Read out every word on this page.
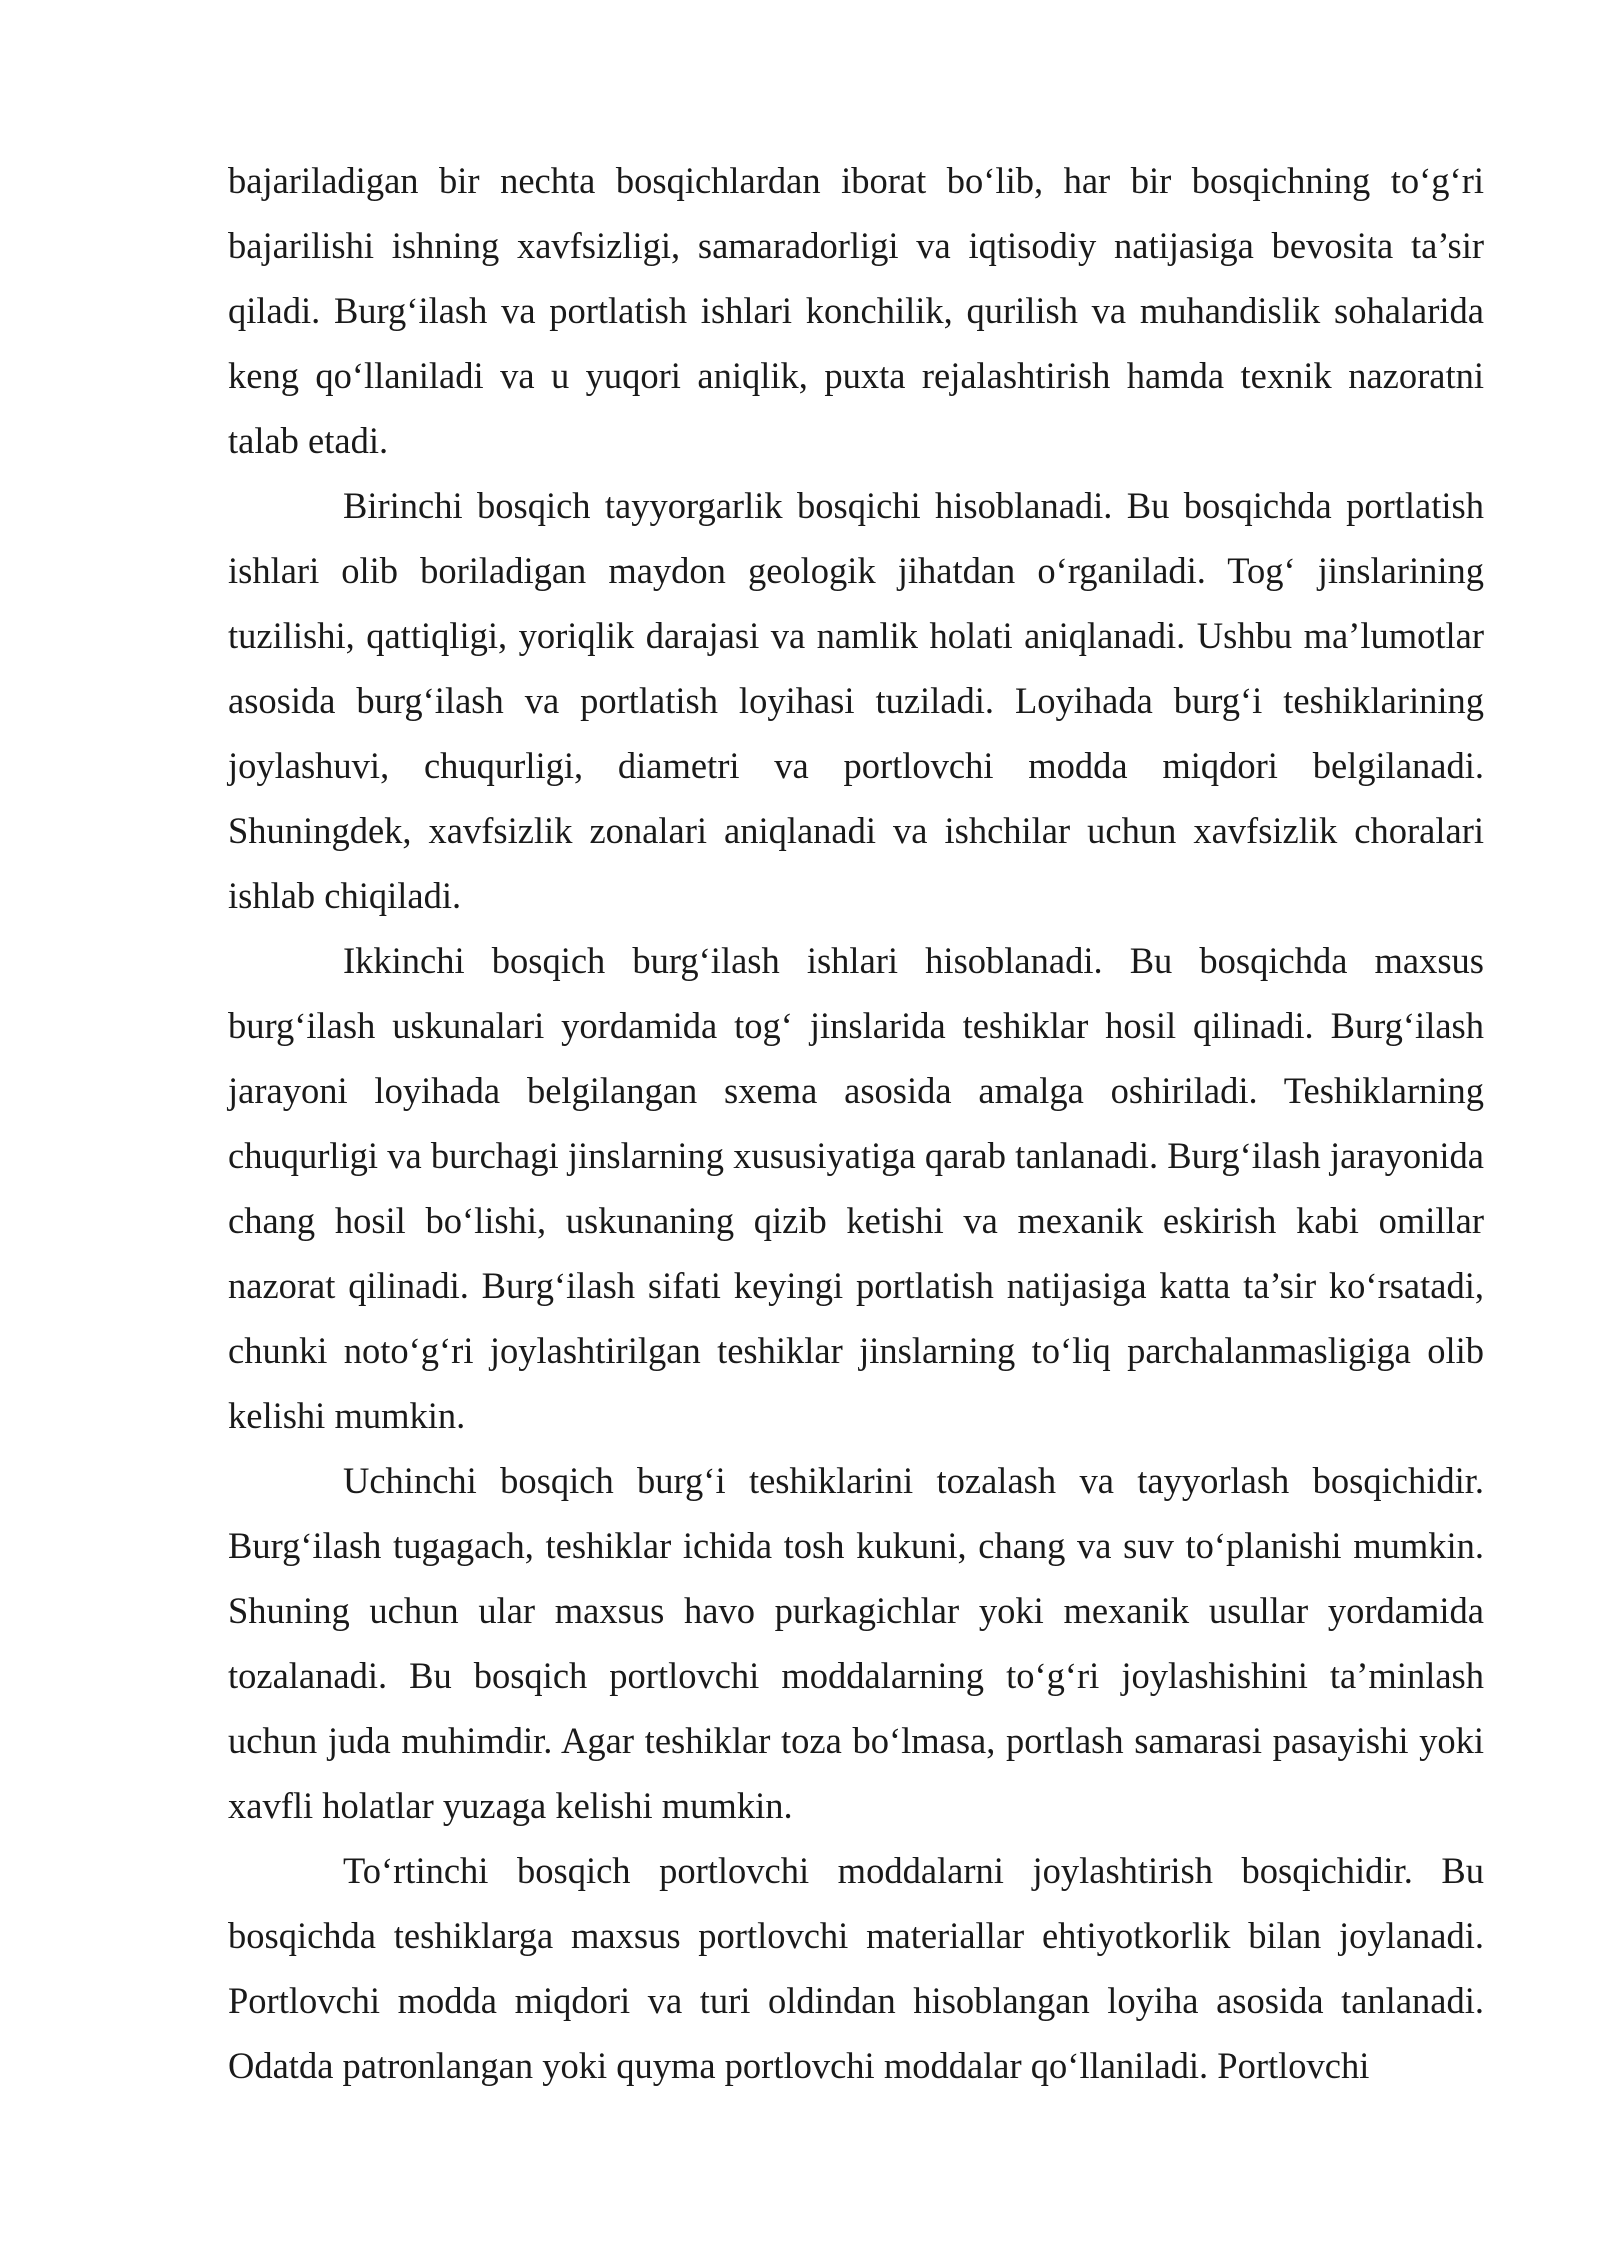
bajariladigan bir nechta bosqichlardan iborat bo‘lib, har bir bosqichning to‘g‘ri bajarilishi ishning xavfsizligi, samaradorligi va iqtisodiy natijasiga bevosita ta’sir qiladi. Burg‘ilash va portlatish ishlari konchilik, qurilish va muhandislik sohalarida keng qo‘llaniladi va u yuqori aniqlik, puxta rejalashtirish hamda texnik nazoratni talab etadi.

Birinchi bosqich tayyorgarlik bosqichi hisoblanadi. Bu bosqichda portlatish ishlari olib boriladigan maydon geologik jihatdan o‘rganiladi. Tog‘ jinslarining tuzilishi, qattiqligi, yoriqlik darajasi va namlik holati aniqlanadi. Ushbu ma’lumotlar asosida burg‘ilash va portlatish loyihasi tuziladi. Loyihada burg‘i teshiklarining joylashuvi, chuqurligi, diametri va portlovchi modda miqdori belgilanadi. Shuningdek, xavfsizlik zonalari aniqlanadi va ishchilar uchun xavfsizlik choralari ishlab chiqiladi.

Ikkinchi bosqich burg‘ilash ishlari hisoblanadi. Bu bosqichda maxsus burg‘ilash uskunalari yordamida tog‘ jinslarida teshiklar hosil qilinadi. Burg‘ilash jarayoni loyihada belgilangan sxema asosida amalga oshiriladi. Teshiklarning chuqurligi va burchagi jinslarning xususiyatiga qarab tanlanadi. Burg‘ilash jarayonida chang hosil bo‘lishi, uskunaning qizib ketishi va mexanik eskirish kabi omillar nazorat qilinadi. Burg‘ilash sifati keyingi portlatish natijasiga katta ta’sir ko‘rsatadi, chunki noto‘g‘ri joylashtirilgan teshiklar jinslarning to‘liq parchalanmasligiga olib kelishi mumkin.

Uchinchi bosqich burg‘i teshiklarini tozalash va tayyorlash bosqichidir. Burg‘ilash tugagach, teshiklar ichida tosh kukuni, chang va suv to‘planishi mumkin. Shuning uchun ular maxsus havo purkagichlar yoki mexanik usullar yordamida tozalanadi. Bu bosqich portlovchi moddalarning to‘g‘ri joylashishini ta’minlash uchun juda muhimdir. Agar teshiklar toza bo‘lmasa, portlash samarasi pasayishi yoki xavfli holatlar yuzaga kelishi mumkin.

To‘rtinchi bosqich portlovchi moddalarni joylashtirish bosqichidir. Bu bosqichda teshiklarga maxsus portlovchi materiallar ehtiyotkorlik bilan joylanadi. Portlovchi modda miqdori va turi oldindan hisoblangan loyiha asosida tanlanadi. Odatda patronlangan yoki quyma portlovchi moddalar qo‘llaniladi. Portlovchi
